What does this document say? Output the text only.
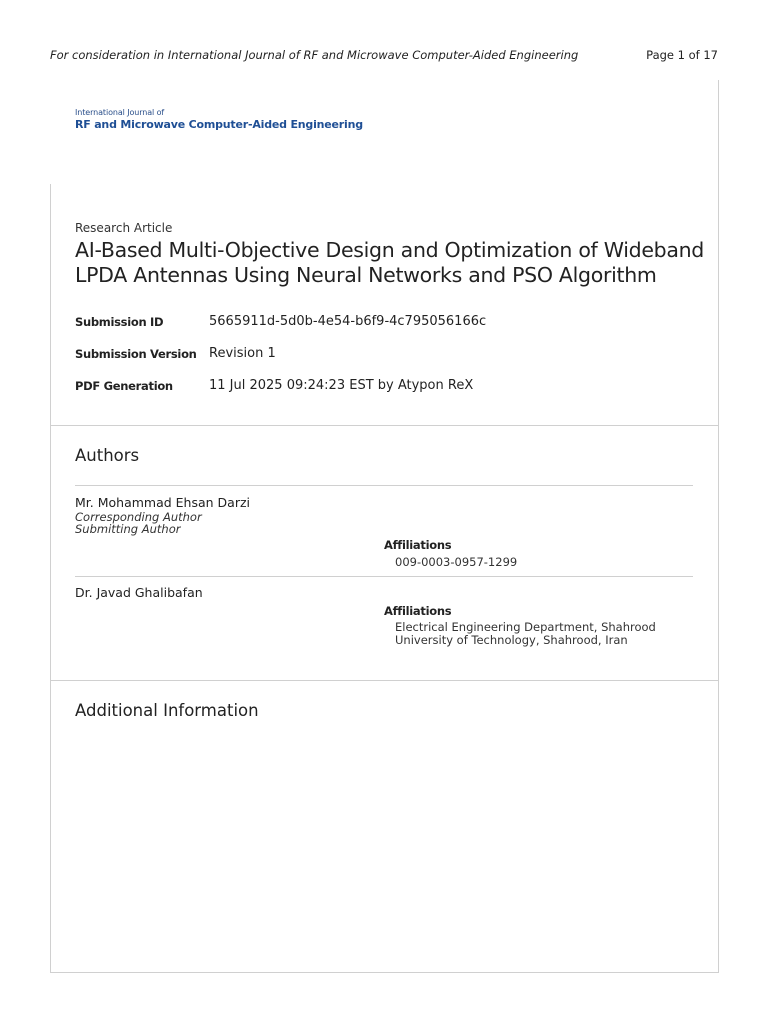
For consideration in International Journal of RF and Microwave Computer-Aided Engineering	Page 1 of 17
International Journal of
RF and Microwave Computer-Aided Engineering
Research Article
AI-Based Multi-Objective Design and Optimization of Wideband LPDA Antennas Using Neural Networks and PSO Algorithm
Submission ID	5665911d-5d0b-4e54-b6f9-4c795056166c
Submission Version Revision 1
PDF Generation	11 Jul 2025 09:24:23 EST by Atypon ReX
Authors
Mr. Mohammad Ehsan Darzi
Corresponding Author
Submitting Author
Affiliations
009-0003-0957-1299
Dr. Javad Ghalibafan
Affiliations
Electrical Engineering Department, Shahrood University of Technology, Shahrood, Iran
Additional Information
